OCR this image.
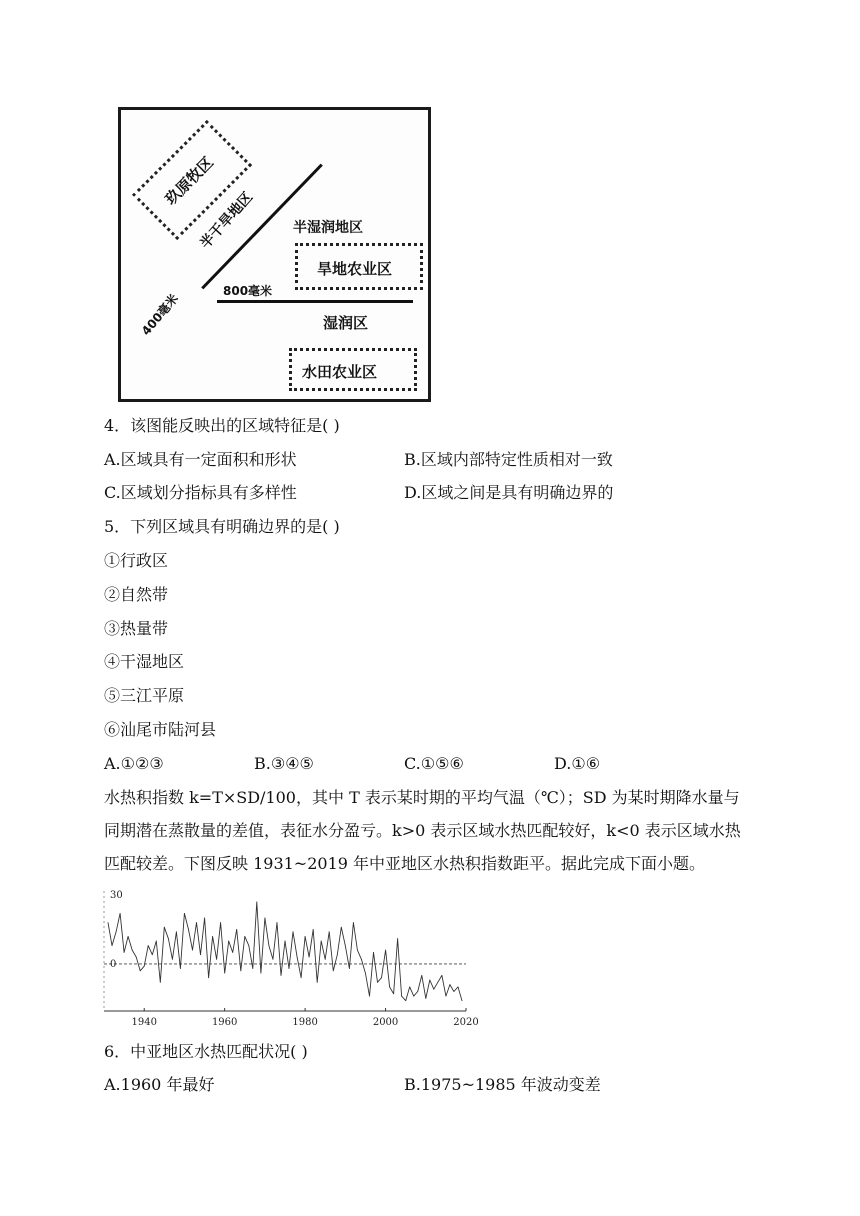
玖原牧区
半干旱地区
400毫米
半湿润地区
旱地农业区
800毫米
湿润区
水田农业区
4．该图能反映出的区域特征是( )
A.区域具有一定面积和形状	B.区域内部特定性质相对一致
C.区域划分指标具有多样性	D.区域之间是具有明确边界的
5．下列区域具有明确边界的是( )
①行政区
②自然带
③热量带
④干湿地区
⑤三江平原
⑥汕尾市陆河县
A.①②③	B.③④⑤	C.①⑤⑥	D.①⑥
水热积指数 k=T×SD/100，其中 T 表示某时期的平均气温（℃）；SD 为某时期降水量与
同期潜在蒸散量的差值，表征水分盈亏。k>0 表示区域水热匹配较好，k<0 表示区域水热
匹配较差。下图反映 1931~2019 年中亚地区水热积指数距平。据此完成下面小题。
30
0
1940	1960	1980	2000	2020
6．中亚地区水热匹配状况( )
A.1960 年最好	B.1975~1985 年波动变差
